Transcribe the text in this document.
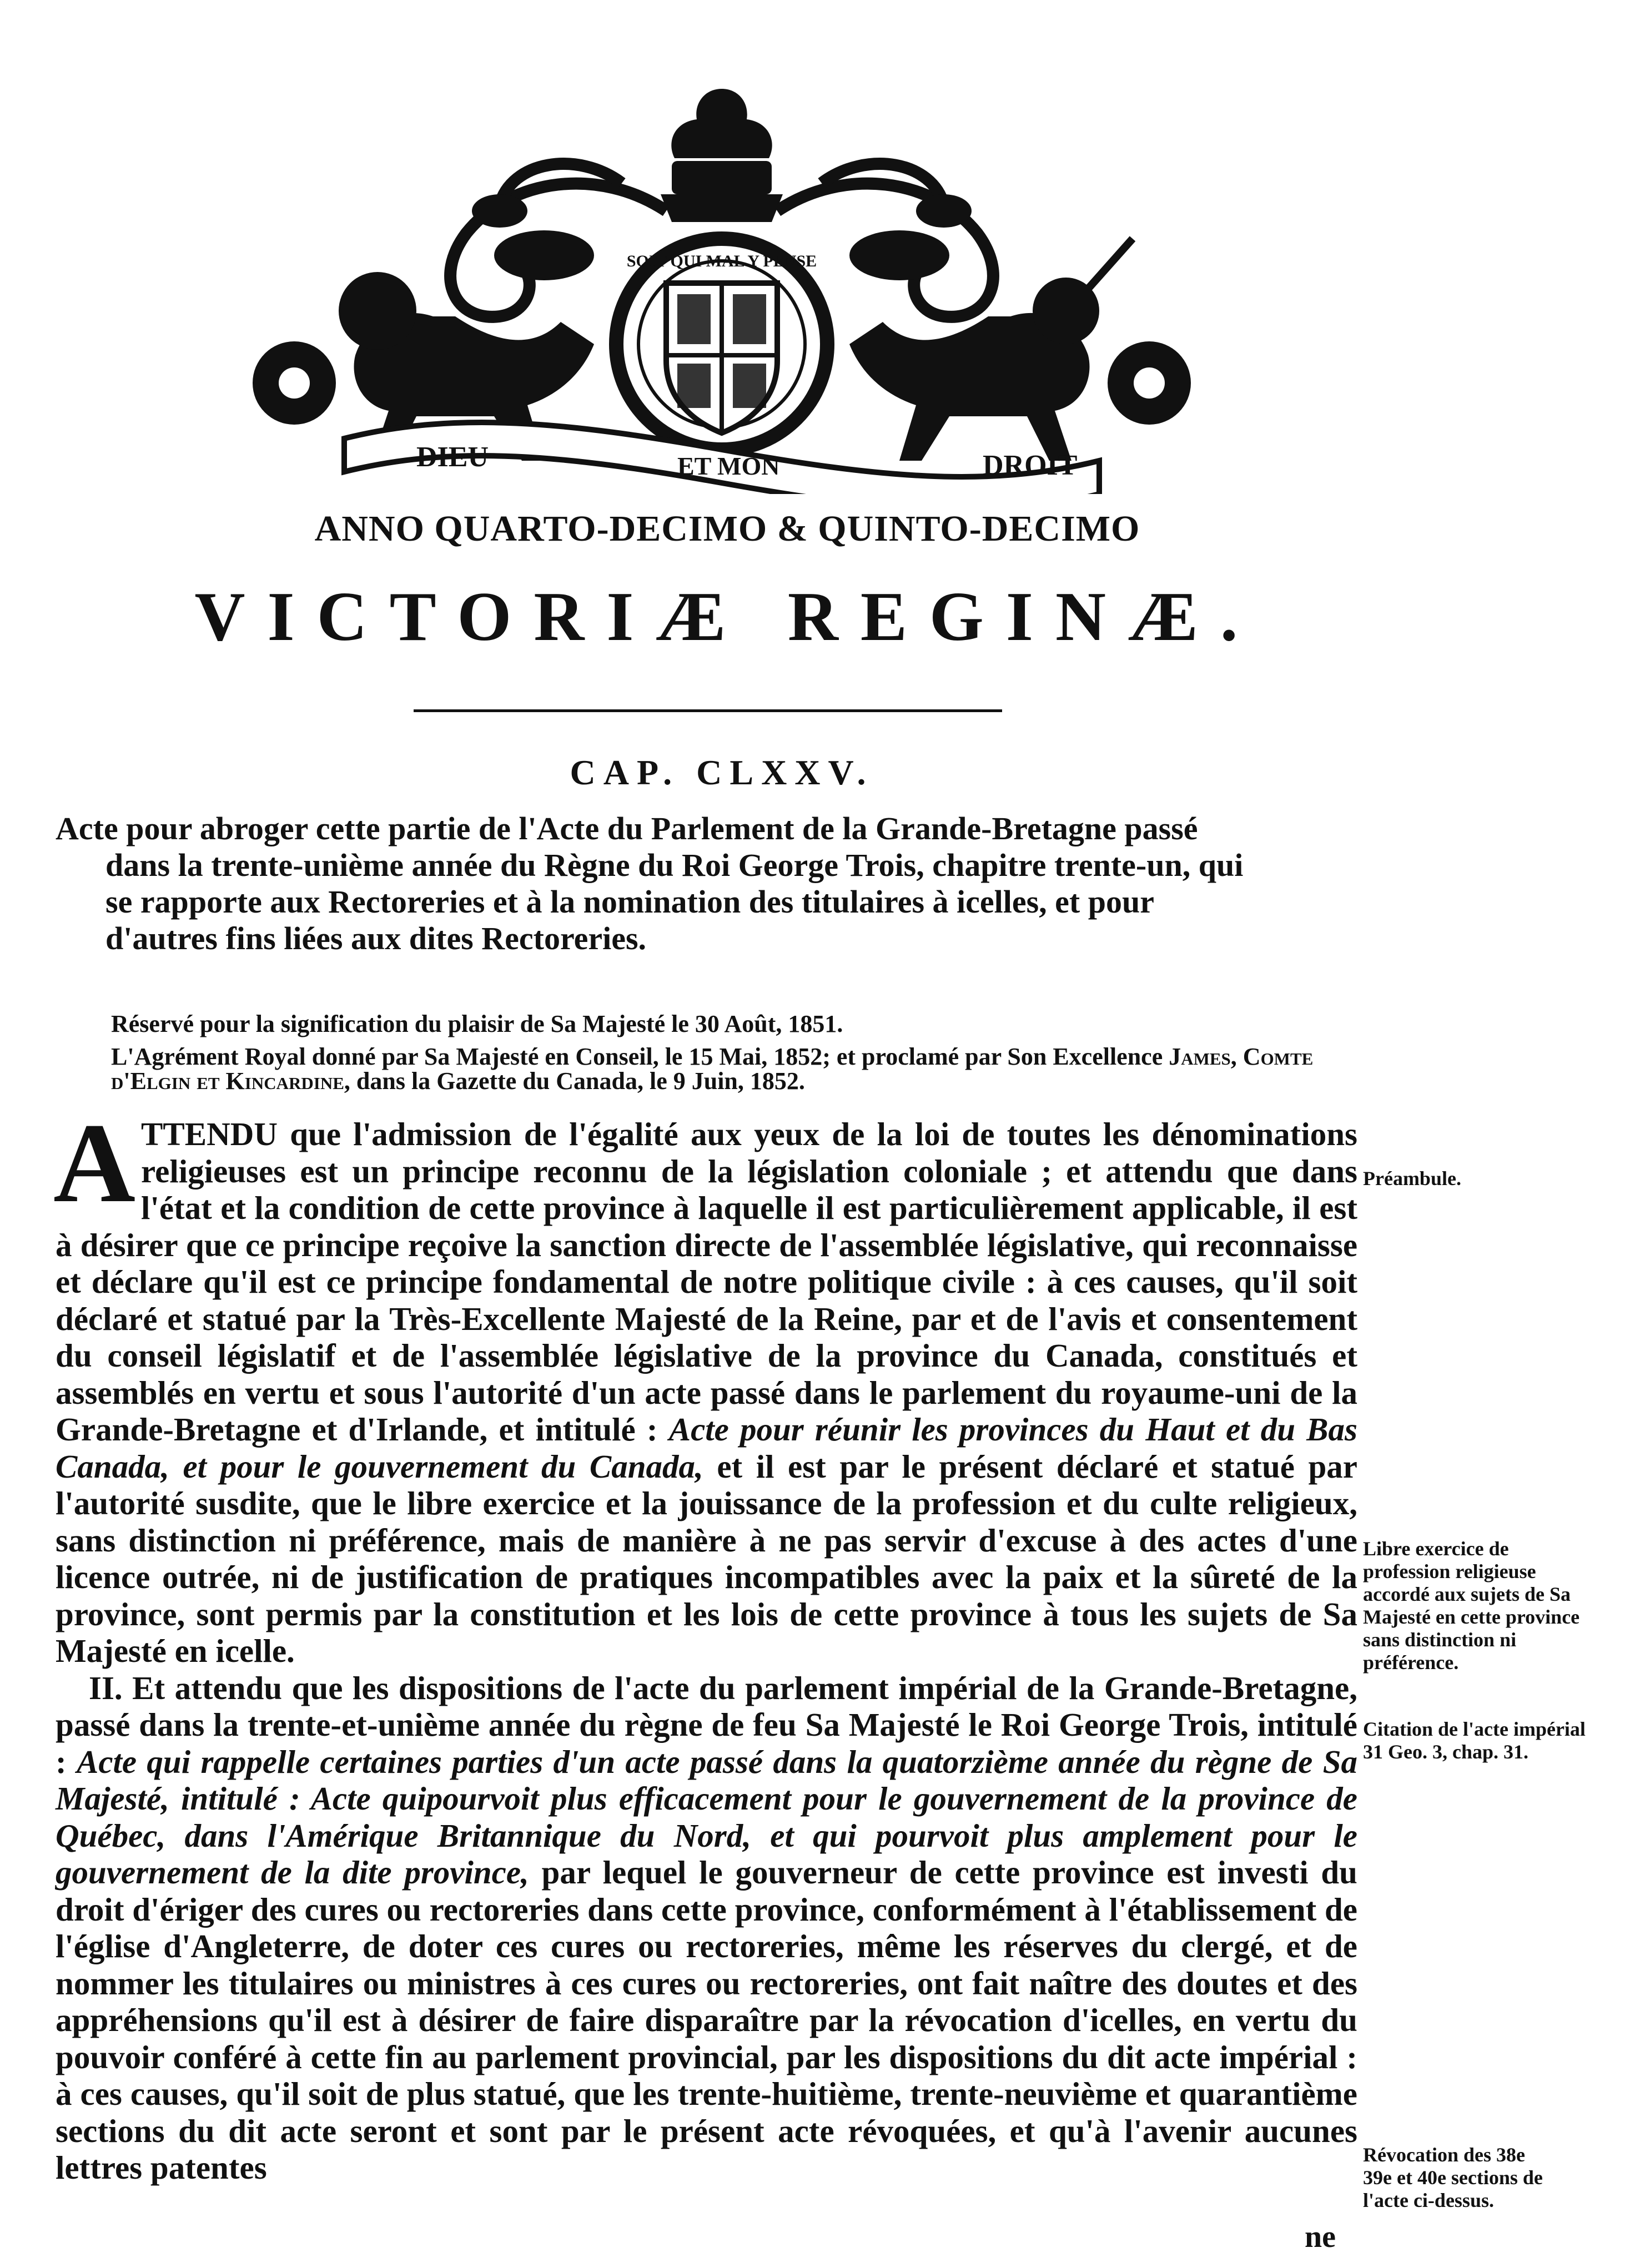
DIEU	ET MON	DROIT
SOIT QUI MAL Y PENSE
ANNO QUARTO-DECIMO & QUINTO-DECIMO
VICTORIÆ REGINÆ.
CAP. CLXXV.
Acte pour abroger cette partie de l'Acte du Parlement de la Grande-Bretagne passé
dans la trente-unième année du Règne du Roi George Trois, chapitre trente-un, qui
se rapporte aux Rectoreries et à la nomination des titulaires à icelles, et pour
d'autres fins liées aux dites Rectoreries.
Réservé pour la signification du plaisir de Sa Majesté le 30 Août, 1851.
L'Agrément Royal donné par Sa Majesté en Conseil, le 15 Mai, 1852; et proclamé par Son Excellence James, Comte d'Elgin et Kincardine, dans la Gazette du Canada, le 9 Juin, 1852.

ATTENDU que l'admission de l'égalité aux yeux de la loi de toutes les dénominations religieuses est un principe reconnu de la législation coloniale ; et attendu que dans l'état et la condition de cette province à laquelle il est particulièrement applicable, il est à désirer que ce principe reçoive la sanction directe de l'assemblée législative, qui reconnaisse et déclare qu'il est ce principe fondamental de notre politique civile : à ces causes, qu'il soit déclaré et statué par la Très-Excellente Majesté de la Reine, par et de l'avis et consentement du conseil législatif et de l'assemblée législative de la province du Canada, constitués et assemblés en vertu et sous l'autorité d'un acte passé dans le parlement du royaume-uni de la Grande-Bretagne et d'Irlande, et intitulé : Acte pour réunir les provinces du Haut et du Bas Canada, et pour le gouvernement du Canada, et il est par le présent déclaré et statué par l'autorité susdite, que le libre exercice et la jouissance de la profession et du culte religieux, sans distinction ni préférence, mais de manière à ne pas servir d'excuse à des actes d'une licence outrée, ni de justification de pratiques incompatibles avec la paix et la sûreté de la province, sont permis par la constitution et les lois de cette province à tous les sujets de Sa Majesté en icelle.

II. Et attendu que les dispositions de l'acte du parlement impérial de la Grande-Bretagne, passé dans la trente-et-unième année du règne de feu Sa Majesté le Roi George Trois, intitulé : Acte qui rappelle certaines parties d'un acte passé dans la quatorzième année du règne de Sa Majesté, intitulé : Acte quipourvoit plus efficacement pour le gouvernement de la province de Québec, dans l'Amérique Britannique du Nord, et qui pourvoit plus amplement pour le gouvernement de la dite province, par lequel le gouverneur de cette province est investi du droit d'ériger des cures ou rectoreries dans cette province, conformément à l'établissement de l'église d'Angleterre, de doter ces cures ou rectoreries, même les réserves du clergé, et de nommer les titulaires ou ministres à ces cures ou rectoreries, ont fait naître des doutes et des appréhensions qu'il est à désirer de faire disparaître par la révocation d'icelles, en vertu du pouvoir conféré à cette fin au parlement provincial, par les dispositions du dit acte impérial : à ces causes, qu'il soit de plus statué, que les trente-huitième, trente-neuvième et quarantième sections du dit acte seront et sont par le présent acte révoquées, et qu'à l'avenir aucunes lettres patentes

ne
Préambule.
Libre exercice de profession religieuse accordé aux sujets de Sa Majesté en cette province sans distinction ni préférence.
Citation de l'acte impérial 31 Geo. 3, chap. 31.
Révocation des 38e
39e et 40e sections de
l'acte ci-dessus.
